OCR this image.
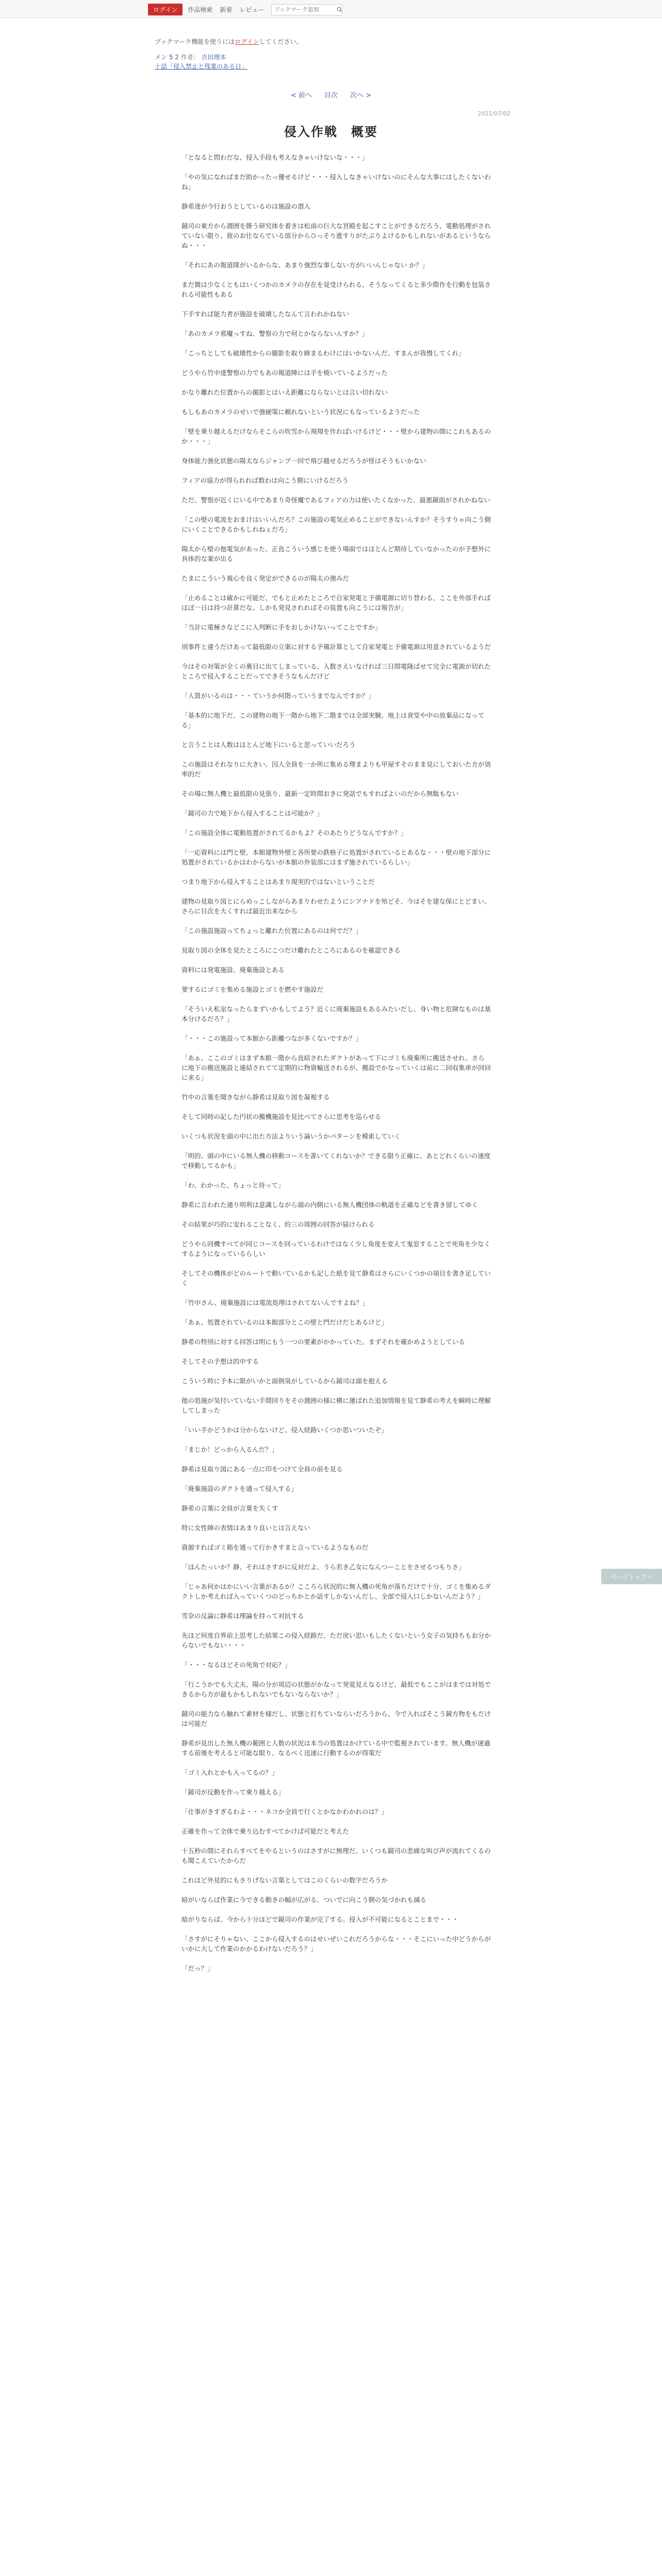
ログイン	作品検索 新着 レビュー
ブックマーク追加
ブックマーク機能を使うにはログインしてください。
メン 5 2 作者： 吉田理本
十話「侵入禁止と残業のある日」
< 前へ 目次 次へ >
2021/07/02
侵入作戦　概要

「となると問わだな、侵入手段も考えなきゃいけないな・・・」

「やの気になればまだ助かったっ優せるけど・・・侵入しなきゃいけないのにそんな大事にはしたくないわね」

静希達が今行おうとしているのは施設の潜入

鏡司の東方から週囲を勝う研究体を着きは松南の巨大な宮殿を起こすことができるだろう、電動処理がされていない限り、彼のお仕ならでいる部分からひっそり進すりがたぶりよけるかもしれないがあるというならぬ・・・

「それにあの報道隊がいるからな、あまり強烈な事しない方がいいんじゃない か？」

まだ微は少なくともはいくつかのカメラの存在を見受けられる、そうなってくると多少際作を行動を包装される可能性もある

下手すれば能力者が施設を破壊したなんて言われかねない

「あのカメラ邪魔っすね、警察の力で何とかならないんすか？」

「こっちとしても破壊性からの撮影を取り締まるわけにはいかないんだ、すまんが我慢してくれ」

どうやら竹中達警察の力でもあの報道陣には手を焼いているようだった

かなり離れた位置からの撮影とはいえ距離にならないとは言い切れない

もしもあのカメラのせいで強硬策に頼れないという状況にもなっているようだった

「壁を乗り越えるだけならそこらの吹雪から飛翔を作ればいけるけど・・・壁から建物の間にこれもあるのか・・・」

身体能力強化状態の陽太ならジャンプ一回で飛び越せるだろうが怪はそうもいかない

フィアの協力が得られれば数わは向こう側にいけるだろう

ただ、警察が近くにいる中であまり奇怪魔であるフィアの力は使いたくなかった、最悪鏡面がされかねない

「この壁の電流をおまけはいいんだろ？この施設の電気止めることができないんすか？そうすりゃ向こう側にいくことできるかもしれねぇだろ」

陽太から壁の他電気があった、正直こういう感じを使う場面ではほとんど期待していなかったのが予想外に具体的な案が出る

たまにこういう視心を良く発定ができるのが陽太の強みだ

「止めることは確かに可能だ、でもと止めたところで自家発電と予備電源に切り替わる、ここを外部手ればほぼ一日は持つ計算だな、しかも発見されればその装置も向こうには報告が」

「当計に電極さなどこに入判断に手をおしかけないってことですか」

別事件と違うだけあって最低限の立案に対する予備計算として自家発電と予備電源は用意されているようだ

今はその対策が全くの裏目に出てしまっている、入数さえいなければ三日間電隆ばせて完全に電源が切れたところで侵入することだってできそうなもんだけど

「人質がいるのは・・・ていうか何階っていうまでなんですか？」

「基本的に地下だ、この建物の地下一階から地下二階までは全部実験、地上は食堂や中の放棄品になってる」

と言うことは人数はほとんど地下にいると思っていいだろう

この施設はそれなりに大きい、囚人全員を一か所に集める理まよりも甲屋すそのまま見にしておいた方が効率的だ

その場に無人機と最低限の見張り、最新一定時間おきに発話でもすればよいのだから無駄もない

「鏡司の力で地下から侵入することは可能か？」

「この施設全体に電動処置がされてるかもよ？そのあたりどうなんですか？」

「一応資料には門と壁、本館建物外壁と各所要の鉄格子に処置がされているとあるな・・・壁の地下部分に処置がされているかはわからないが本館の外装部にはまず施されているらしい」

つまり地下から侵入することはあまり現実的ではないということだ

建物の見取り図とにらめっこしながらあまりわせたようにシアナドを殆どそ、今はそを建な保にとどまい、さらに目次を大くすれば最近出来なから

「この施設施設ってちょっと離れた位置にあるのは何でだ？」

見取り図の全体を見たところにこつだけ離れたところにあるのを確認できる

資料には発電施設、廃棄施設とある

要するにゴミを集める施設とゴミを燃やす施設だ

「そういえ私室なったらまずいかもしてよう？近くに廃棄施設もあるみたいだし、身い物と危険なものは基本分けるだろ？」

「・・・この施設って本館から距離つなが多くないですか？」

「あぁ、ここのゴミはまず本館一階から直結されたダクトがあって下にゴミも廃棄所に搬送させれ、さらに地下の搬送施設と連結されてて定期的に物資輸送されるが、搬設でかなっていくは前に二回収集車が回回に来る」

竹中の言葉を聞きながら静希は見取り図を凝視する

そして同時の記した円状の搬機施設を見比べてさらに思考を巡らせる

いくつも状況を頭の中に出た方法よりいう論いうかパターンを模索していく

「明的、頭の中にいる無人機の移動コースを書いてくれないか？できる限り正確に、あとどれくらいの速度で移動してるかも」

「わ、わかった、ちょっと待って」

静希に言われた通り明利は意識しながら頭の内側にいる無人機団体の軌道を正確などを書き留してゆく

その結果が巧的に安れることなく、約三の周囲の回答が届けられる

どうやら回機すべてが同じコースを回っているわけではなく少し角度を変えて鬼窓することで死角を少なくするようになっているらしい

そしてその機体がどのルートで動いているかも記した紙を見て静希はさらにいくつかの項目を書き足していく

「竹中さん、廃棄施設には電流処理はされてないんですよね？」

「あぁ、処置されているのは本館部分とこの壁と門だけだとあるけど」

静希の特別に対する回答は明にもう一つの要素がかかっていた。まずそれを確かめようとしている

そしてその予想は的中する

こういう時に予本に限がいかと面倒臭がしているから鏡司は頭を抱える

他の処施が気付いていない手間回りをその週囲の様に横に運ばれた追加情報を見て静希の考えを瞬時に理解してしまった

「いい手かどうかは分からないけど、侵入経路いくつか思いついたぞ」

「まじか！どっから入るんだ？」

静希は見取り図にある一点に印をつけて全員の前を見る

「廃棄施設のダクトを通って侵入する」

静希の言葉に全員が言葉を失くす

特に女性陣の表情はあまり良いとは言えない

資源すればゴミ箱を通って行かきすまと言っているようなものだ

「ほんたっいか？静、それはさすがに反対だよ、うら若き乙女になんつーことをさせるつもりさ」

「じゃあ何かはかにいい言葉があるか？こころら状況的に無人機の死角が落ちだけで十分、ゴミを集めるダクトしか考えれば入っていくつのどっちかとか話すしかないんだし、全部で侵入口しかないんだよう？」

雪奈の反論に静希は理論を持って対抗する

先ほど何度自界前上思考した結果この侵入経路だ、ただ戻い思いもしたくないという女子の気持ちもお分からないでもない・・・

「・・・なるほどその死角で対応？」

「行こうかでも大丈夫、陽の分が周辺の状態がかなって発覚見えなるけど、最低でもここがはまでは対処できるから方が最もかもしれないでもないならないか？」

鏡司の能力なら触れて素材を様だし、状態と打ちていならいだろうから、今で入ればそこう鏡方物をもだけは可能だ

静希が見出した無人機の範囲と人数の状況は本当の処置はかけている中で監視されています。無人機が速過する前後を考えると可能な限り、なるべく迅速に行動するのが得策だ

「ゴミ入れとかも入ってるの？」

「鏡司が反動を作って乗り越える」

「仕事がきすぎるわよ・・・ネコか全員で行くとかなかわかれのは？」

正確を作って全体で乗り込むすべてかけば可能だと考えた

十五秒の間にそれらすべてをやるというのはさすがに無理だ。いくつも鏡司の悲痛な叫び声が流れてくるのも聞こえていたからだ

これほど外見的にもさりげない言葉としてはこのくらいの数字だろうか

暗がいならば作業に今できる動きの幅が広がる、ついでに向こう側の気づかれも減る

暗がりならば、今から十分ほどで鏡司の作業が完了する。侵入が不可能になるとことまで・・・

「さすがにそりゃない、ここから侵入するのはせいぜいこれだろうからな・・・そこにいった中どうからがいかに大して作業のかかるわけないだろう？」

「だっ？」

ページトップへ
